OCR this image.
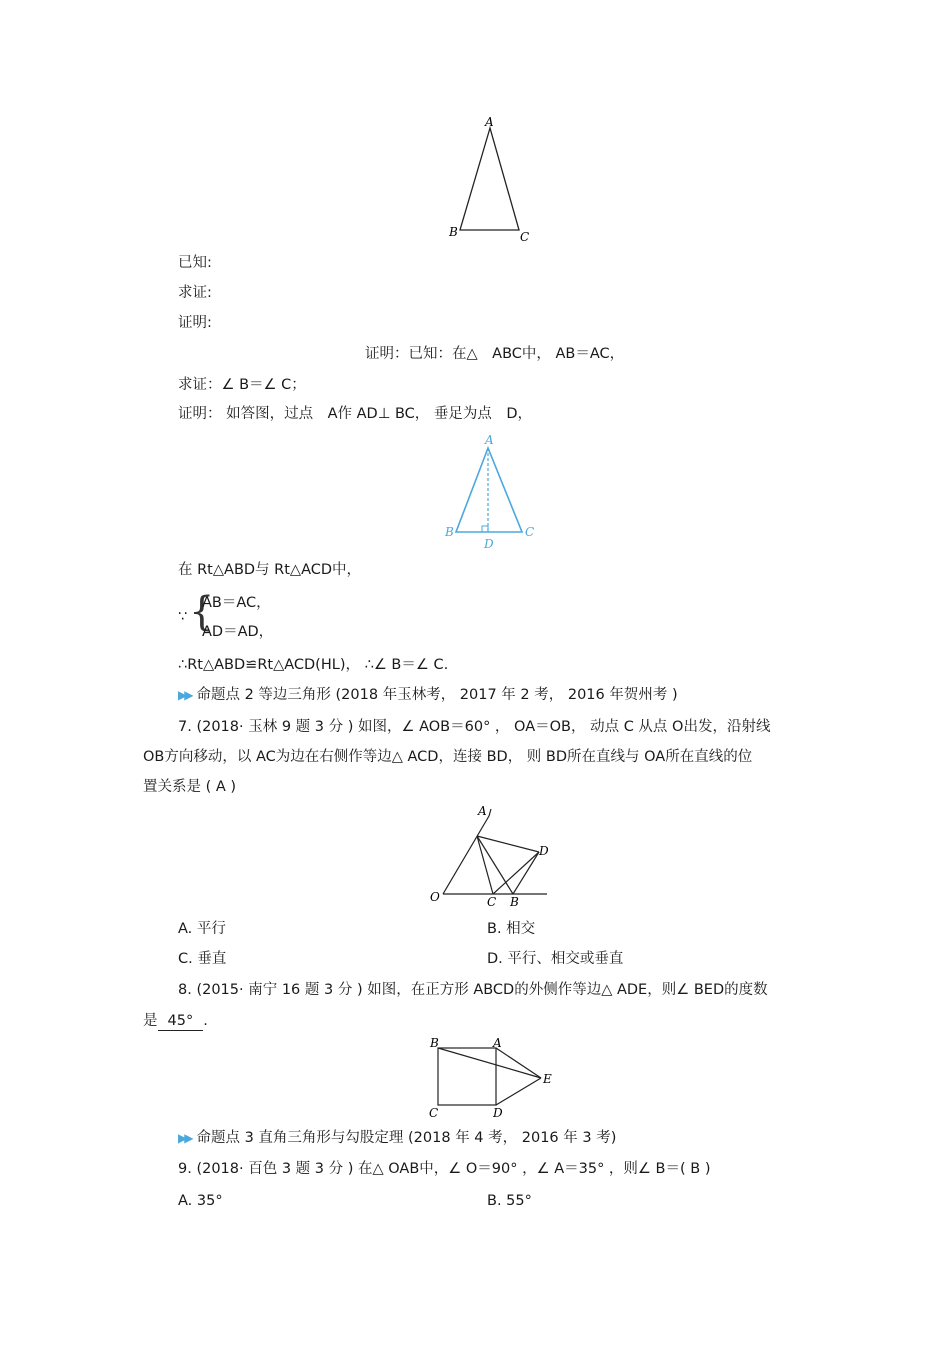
A
B	C
已知:
求证:
证明:
证明：已知：在△　ABC中， AB＝AC，
求证：∠ B＝∠ C；
证明： 如答图，过点　A作 AD⊥ BC， 垂足为点　D，
A
B	C
D
在 Rt△ABD与 Rt△ACD中，
∵ {
AB＝AC，
AD＝AD，
∴Rt△ABD≌Rt△ACD(HL)， ∴∠ B＝∠ C.
▶▶ 命题点 2 等边三角形 (2018 年玉林考， 2017 年 2 考， 2016 年贺州考 )
7. (2018· 玉林 9 题 3 分 ) 如图，∠ AOB＝60° ， OA＝OB， 动点 C 从点 O出发，沿射线
OB方向移动，以 AC为边在右侧作等边△ ACD，连接 BD， 则 BD所在直线与 OA所在直线的位
置关系是 ( A )
A
D
O	C B
A. 平行	B. 相交
C. 垂直	D. 平行、相交或垂直
8. (2015· 南宁 16 题 3 分 ) 如图，在正方形 ABCD的外侧作等边△ ADE，则∠ BED的度数
是 45° .
B	A
E
C	D
▶▶ 命题点 3 直角三角形与勾股定理 (2018 年 4 考， 2016 年 3 考)
9. (2018· 百色 3 题 3 分 ) 在△ OAB中，∠ O＝90° ，∠ A＝35° ，则∠ B＝( B )
A. 35°	B. 55°
